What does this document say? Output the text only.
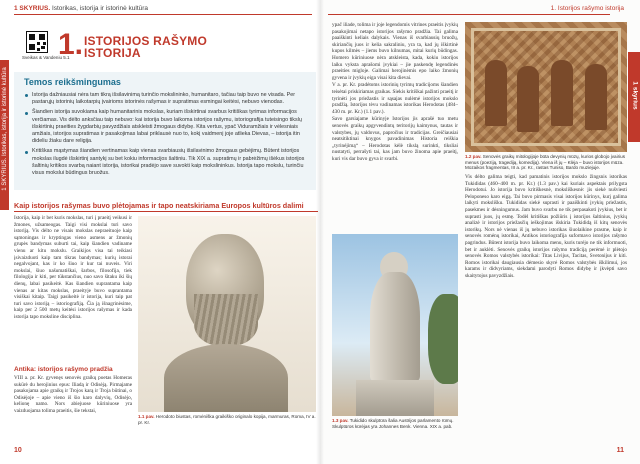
1 SKYRIUS. Istorikas, istorija ir istorinė kultūra
1 SKYRIUS. Istorikas, istorija ir istorinė kultūra
Sveikas & Vandeniu 5.1
1. ISTORIJOS RAŠYMO
ISTORIJA
Temos reikšmingumas
Istorija dažniausiai nėra tam tikrą išsilavinimą turinčio mokslininko, humanitaro, tačiau taip buvo ne visada. Per pastarųjų istorinių laikotarpių įvairioms istorinės rašymas ir supratimas esmingai keitėsi, nebuvo vienodas.
Šiandien istorija suvokiama kaip humanitarinis mokslas, kuriam išskirtinai svarbus kritiškas tyrimas informacijos verčiamas. Vis dėlto anksčiau taip nebuvo: kai istorija buvo laikoma istorijos rašymu, istoriografija tuteisingo tikslų išskirtinių praeities žygdarbių pavyzdžiais atskleisti žmogaus didybę. Kita vertus, ypač Viduramžiais ir vėlesniais amžiais, istorijos supratimas ir pasakojimas labai priklausė nuo to, kokį vaidmenį joje atlieka Dievas, – istorija itin dideliu žiaku dare religija.
Kritiškas mąstymas šiandien vertinamas kaip vienas svarbiausių išsilavinimo žmogaus gebėjimų. Būtent istorijos mokslas ilugdė išskirtinį santykį su bet kokiu informacijos šaltiniu. Tik XIX a. supratimų ir pabrėžimų išėkus istorijos šaltinių kritikos svarbą naiant istorija, istorikai pradėjo save suvokti kaip mokslininkus. Istorija tapo mokslu, turinčiu visus mokslui būdingus bruožus.
Kaip istorijos rašymas buvo plėtojamas ir tapo neatskiriama Europos kultūros dalimi
Istorija, kaip ir bet kuris mokslas, turi į praeitį veikusi ir žmones, užsameogas. Taigi visi mokslai turi savo istoriją. Vis dėlto ne visais mokslas nepraeituoje kaip sąmoningas ir kryptingas vieno asmens ar žmonių grupės bandymas suburti tai, kaip šiandien vadiname vienu ar kitu mokslu. Graikijos visa tai teikiasi įsivaizduoti kaip tam tikras bandymas; kurių istorai negalvojant, kas ir ko šiuo ir kur tai nuveis. Viri mokslai, šiuo našumatiškai, šarbos, filosofija, tiek filologija ir kiti, per tūkstančius, nuo savo šitaku iki šių dienų, labai pasikeitė. Kas šiandien suprantama kaip vienas ar kitas mokslas, praeityje buvo suprantama visiškai kitaip. Taigi pasikeitė ir istorija, kuri taip pat turi savo istoriją – istoriografiją. Čia ją išnagrinėsime, kaip per 2 500 metų keitėsi istorijos rašymas ir kada istorija tapo moksline disciplina.
Antika: istorijos rašymo pradžia
VIII a. pr. Kr. gyvenęs senovės graikų poetas Homeras sukūrė du herojinius epus: Iliadą ir Odisėją. Pirmajame pasakojama apie graikų ir Trojos karą ir Troja būtinai, o Odisėjoje – apie vieno iš šio karo dalyvių, Odisėjo, kelionę namo. Nors abiejuose kūriniuose yra vaizduojama tolima praeitis, šie tekstai,
1.1 pav. Herodoto biustas, romėniška graikiško originalo kopija, marmuras, Roma, IV a. pr. Kr.
10
1. Istorijos rašymo istorija
1 skyrius

ypač iliade, tolima ir joje legendomis vitrines praeitis įvykių pasakojimai netapo istorijos rašymo pradžia. Tai galima paaiškinti keliais dalykais. Vienas iš svarbiausių bruožų, skiriančių juos ir kelia sakraliniu, yra ta, kad jų iškirtinė kupos kilmės – jiems buvo kilnumas, mitai kurių būdingas. Homero kūriniuose nėra atskleista, kada, kokiu istorijos laiku vyksta aprašomi įvykiai – jie paskendę legendinės praeities migloje. Galimai herojinėmis epo laiko žmonių gyvena ir įvykių eiga visai kita dievai.

V a. pr. Kr. pradėtoms istorinių tyrimų tradicijoms šiandien teisėtai priskiriamas graikas. Siekis kritiškai pažinti praeitį ir tyrinėti jos priežastis ir sąsajas nulėmė istorijos mokslo pradžią. Istorijos tėvu vadinamas istorikas Herodotas (484–430 m. pr. Kr.) (1.1 pav.).

Savo garsiajame kūrinyje Istorijos jis aprašė tuo metu senovės graikų apgyvendintų teritorijų kaimynus, tautas ir valstybes, jų valdovus, papročius ir tradicijas. Greičiausiai neatsitiktinai knygos pavadinimas Historia reiškia „tyrinėjimą“ – Herodotas kėlė tikslą surinkti, tiksliai nustatyti, perrašyti tai, kas jam buvo žinoma apie praeitį, kuri vis dar buvo gyva ir svarbi.	1.2 pav. Senovės graikų mitologijoje būta devynių mūzų, kurios globojo įvairius menus (poeziją, tragediją, komediją). Viena iš jų – Klėja – buvo istorijos mūza. Mozaikos fragmentas, III a. pr. Kr., rastas Tuniso, Bardo muziejuje.
1.3 pav. Tukidido skulptūra šalia Austrijos parlamento rūmų. Skulptūros kūrėjas yra Johannes Benk. Vienna. XIX a. pab.
Vis dėlto galima teigti, kad pamatinis istorijos mokslo žingsnis istorikas Tukididas (460–400 m. pr. Kr.) (1.3 pav.) kai kuriais aspektais prilygsta Herodotui. Jo istorija buvo kritiškesnė, moksliškesnė: jis siekė nušviesti Peloponeso karo eigą. Tai buvo pirmasis visai istorijos kūrinys, kurį galima laikyti mokslišku. Tukididas siekė suprasti ir paaiškinti įvykių priežastis, pasekmes ir dėsningumus. Jam buvo svarbu ne tik perpasakoti įvykius, bet ir suprasti juos, jų esmę. Todėl kritiškas požiūris į istorijos šaltinius, įvykių analizė ir istorijos priežasčių ieškojimas išskiria Tukididą iš kitų senovės istorikų. Nors nė vienas iš jų nebuvo istorikas šiuolaikine prasme, kaip ir senovės romėnų istorikai, Antikos istoriografija suformavo istorijos rašymo pagrindus. Būtent istorija buvo laikoma menu, kuris turėjo ne tik informuoti, bet ir auklėti. Senovės graikų istorijos rašymo tradiciją perėmė ir plėtojo senovės Romos valstybės istorikai: Titas Livijus, Tacitas, Svetonijus ir kiti. Romos istorikai daugiausia dėmesio skyrė Romos valstybės iškilimui, jos karams ir didvyriams, siekdami parodyti Romos didybę ir įkvėpti savo skaitytojus pavyzdžiais.
11
